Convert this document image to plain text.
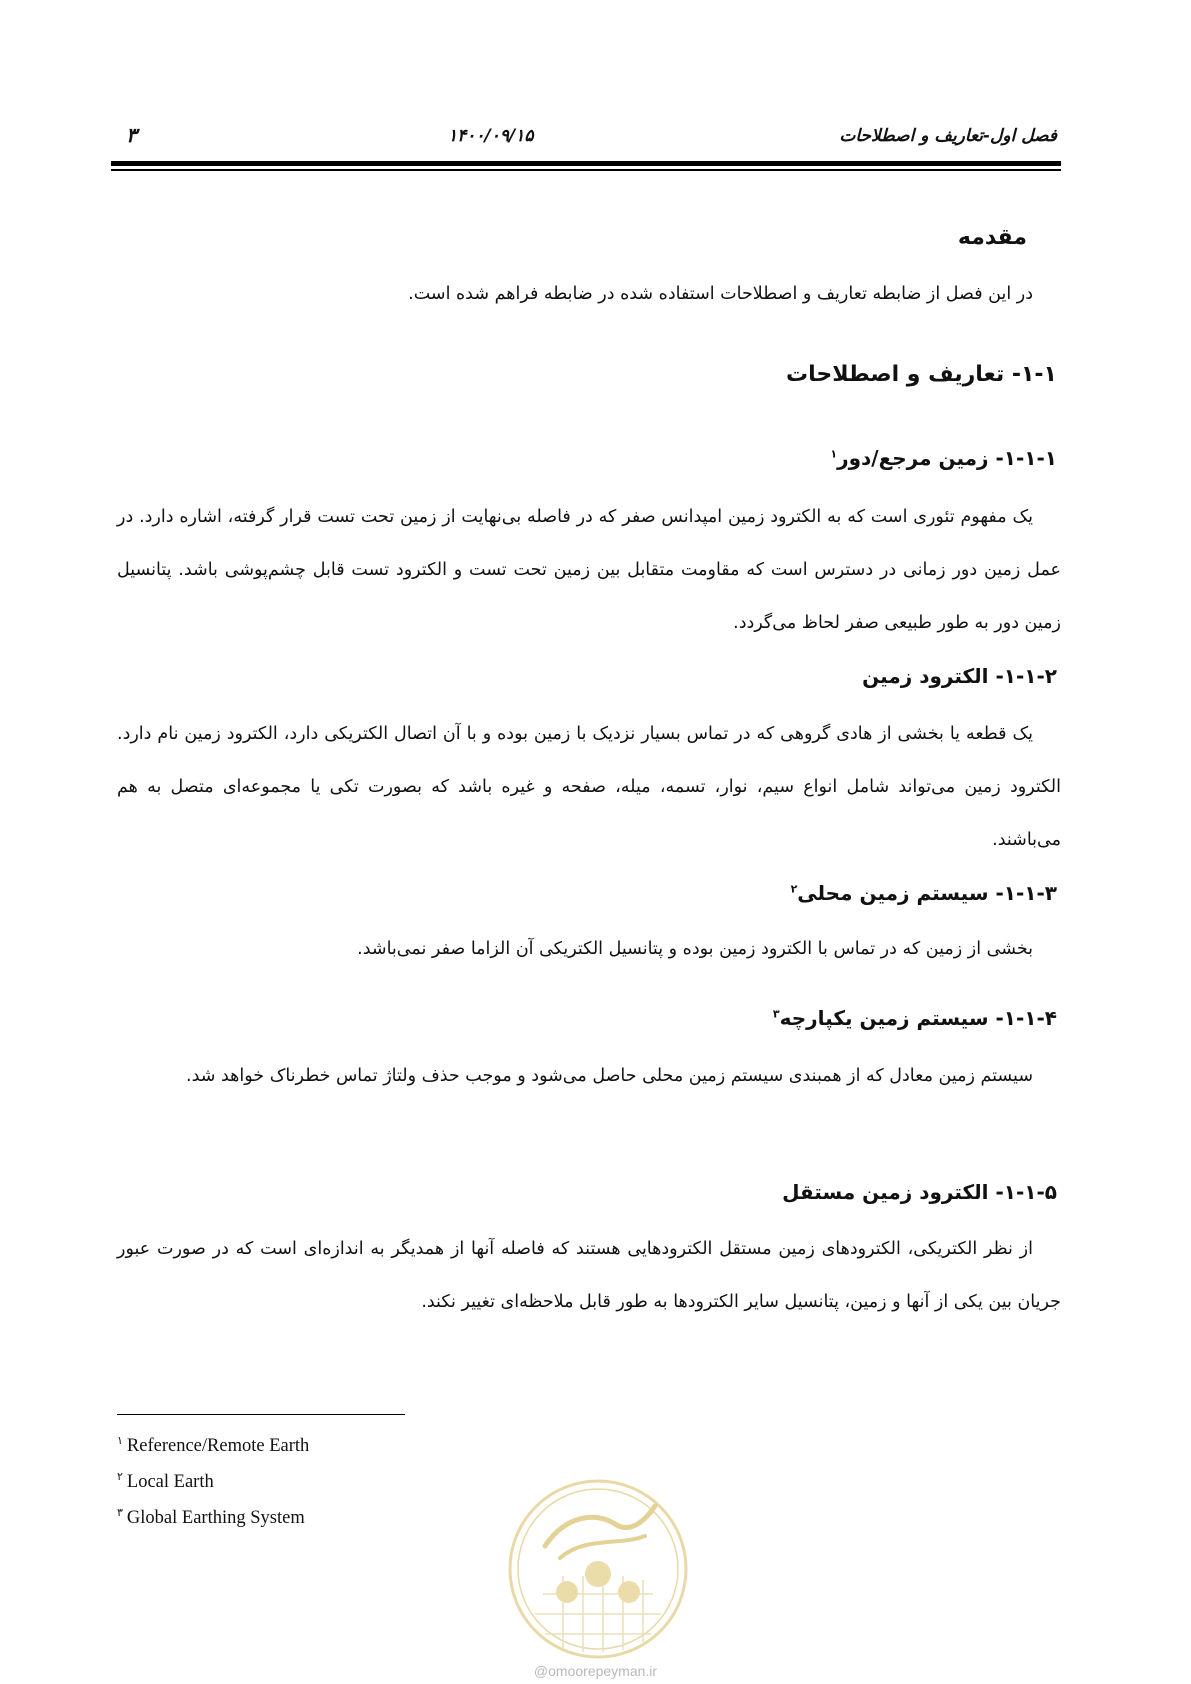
فصل اول-تعاریف و اصطلاحات
۱۴۰۰/۰۹/۱۵
۳
مقدمه
در این فصل از ضابطه تعاریف و اصطلاحات استفاده شده در ضابطه فراهم شده است.
۱-۱- تعاریف و اصطلاحات
۱-۱-۱- زمین مرجع/دور$^۱$
یک مفهوم تئوری است که به الکترود زمین امپدانس صفر که در فاصله بی‌نهایت از زمین تحت تست قرار گرفته، اشاره دارد. در عمل زمین دور زمانی در دسترس است که مقاومت متقابل بین زمین تحت تست و الکترود تست قابل چشم‌پوشی باشد. پتانسیل زمین دور به طور طبیعی صفر لحاظ می‌گردد.
۱-۱-۲- الکترود زمین
یک قطعه یا بخشی از هادی گروهی که در تماس بسیار نزدیک با زمین بوده و با آن اتصال الکتریکی دارد، الکترود زمین نام دارد. الکترود زمین می‌تواند شامل انواع سیم، نوار، تسمه، میله، صفحه و غیره باشد که بصورت تکی یا مجموعه‌ای متصل به هم می‌باشند.
۱-۱-۳- سیستم زمین محلی$^۲$
بخشی از زمین که در تماس با الکترود زمین بوده و پتانسیل الکتریکی آن الزاما صفر نمی‌باشد.
۱-۱-۴- سیستم زمین یکپارچه$^۳$
سیستم زمین معادل که از همبندی سیستم زمین محلی حاصل می‌شود و موجب حذف ولتاژ تماس خطرناک خواهد شد.
۱-۱-۵- الکترود زمین مستقل
از نظر الکتریکی، الکترودهای زمین مستقل الکترودهایی هستند که فاصله آنها از همدیگر به اندازه‌ای است که در صورت عبور جریان بین یکی از آنها و زمین، پتانسیل سایر الکترودها به طور قابل ملاحظه‌ای تغییر نکند.
$^۱$ Reference/Remote Earth
$^۲$ Local Earth
$^۳$ Global Earthing System
@omoorepeyman.ir
